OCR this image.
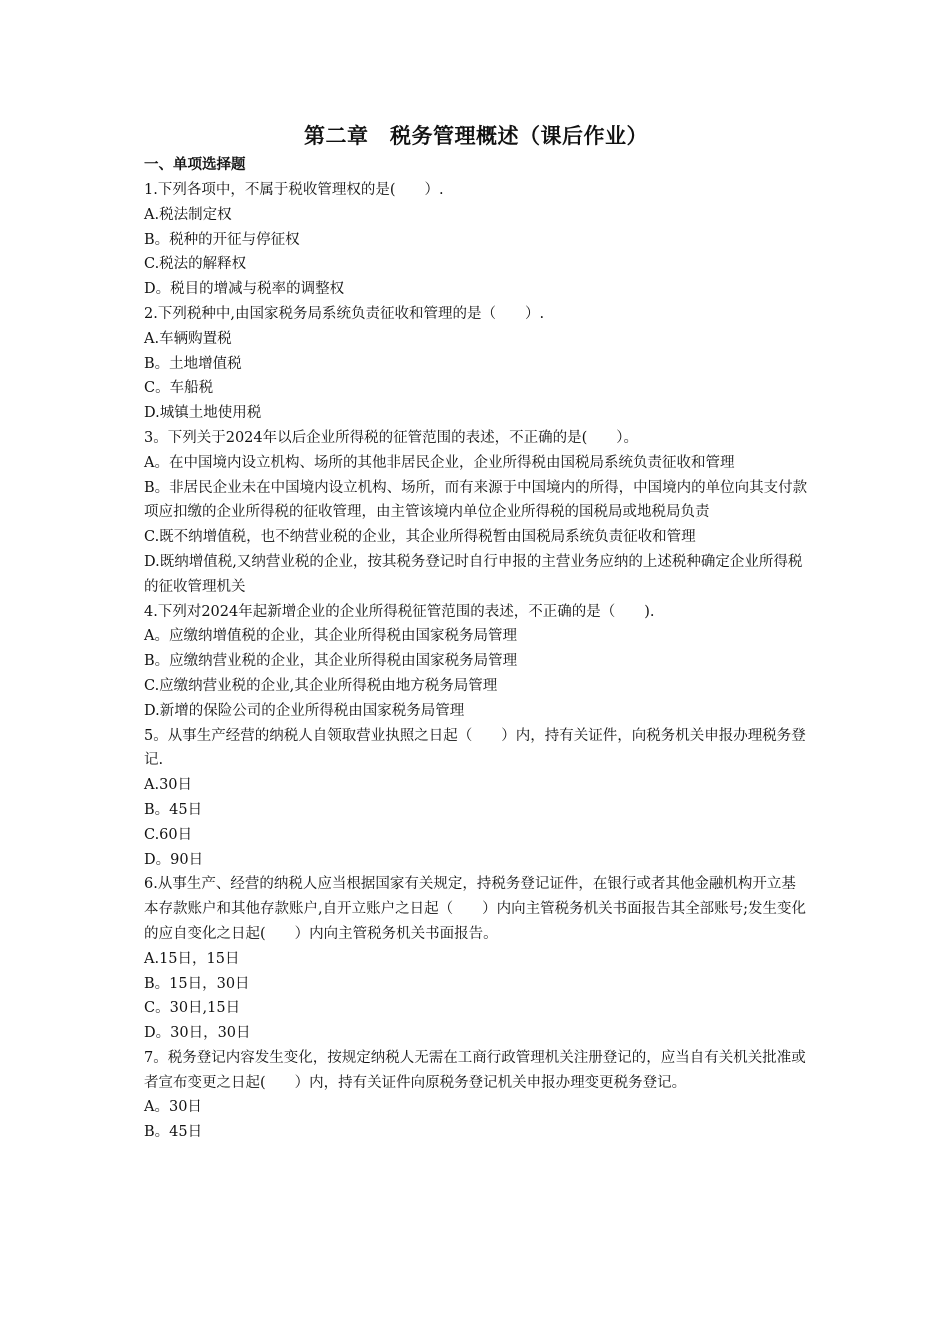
第二章　税务管理概述（课后作业）
一、单项选择题

1.下列各项中，不属于税收管理权的是(　　）.

A.税法制定权

B。税种的开征与停征权

C.税法的解释权

D。税目的增减与税率的调整权

2.下列税种中,由国家税务局系统负责征收和管理的是（　　）.

A.车辆购置税

B。土地增值税

C。车船税

D.城镇土地使用税

3。下列关于2024年以后企业所得税的征管范围的表述，不正确的是(　　）。

A。在中国境内设立机构、场所的其他非居民企业，企业所得税由国税局系统负责征收和管理

B。非居民企业未在中国境内设立机构、场所，而有来源于中国境内的所得，中国境内的单位向其支付款项应扣缴的企业所得税的征收管理，由主管该境内单位企业所得税的国税局或地税局负责

C.既不纳增值税，也不纳营业税的企业，其企业所得税暂由国税局系统负责征收和管理

D.既纳增值税,又纳营业税的企业，按其税务登记时自行申报的主营业务应纳的上述税种确定企业所得税的征收管理机关

4.下列对2024年起新增企业的企业所得税征管范围的表述，不正确的是（　　).

A。应缴纳增值税的企业，其企业所得税由国家税务局管理

B。应缴纳营业税的企业，其企业所得税由国家税务局管理

C.应缴纳营业税的企业,其企业所得税由地方税务局管理

D.新增的保险公司的企业所得税由国家税务局管理

5。从事生产经营的纳税人自领取营业执照之日起（　　）内，持有关证件，向税务机关申报办理税务登记.

A.30日

B。45日

C.60日

D。90日

6.从事生产、经营的纳税人应当根据国家有关规定，持税务登记证件，在银行或者其他金融机构开立基本存款账户和其他存款账户,自开立账户之日起（　　）内向主管税务机关书面报告其全部账号;发生变化的应自变化之日起(　　）内向主管税务机关书面报告。

A.15日，15日

B。15日，30日

C。30日,15日

D。30日，30日

7。税务登记内容发生变化，按规定纳税人无需在工商行政管理机关注册登记的，应当自有关机关批准或者宣布变更之日起(　　）内，持有关证件向原税务登记机关申报办理变更税务登记。

A。30日

B。45日
